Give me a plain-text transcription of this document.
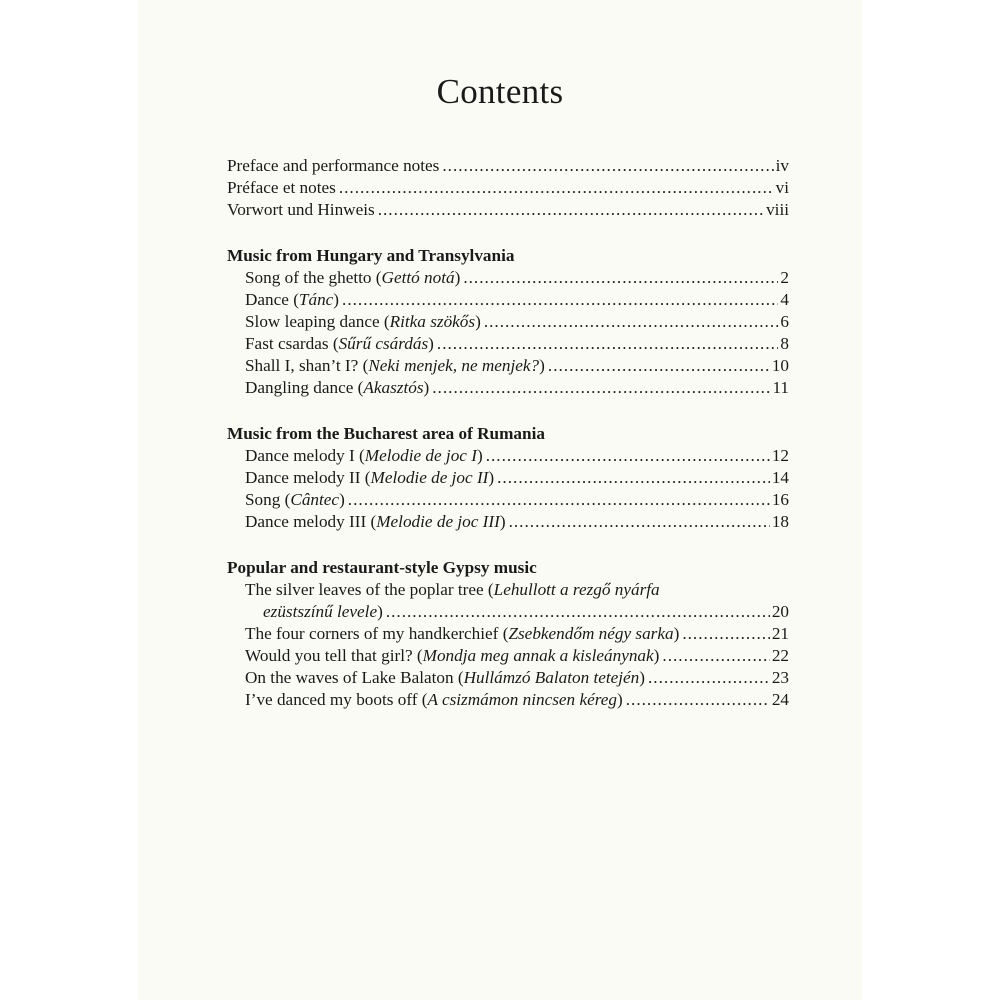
Contents
Preface and performance notes .....	iv
Préface et notes .....	vi
Vorwort und Hinweis .....	viii
Music from Hungary and Transylvania
Song of the ghetto (Gettó notá) .....	2
Dance (Tánc) .....	4
Slow leaping dance (Ritka szökős) .....	6
Fast csardas (Sűrű csárdás) .....	8
Shall I, shan’t I? (Neki menjek, ne menjek?) .....	10
Dangling dance (Akasztós) .....	11
Music from the Bucharest area of Rumania
Dance melody I (Melodie de joc I) .....	12
Dance melody II (Melodie de joc II) .....	14
Song (Cântec) .....	16
Dance melody III (Melodie de joc III) .....	18
Popular and restaurant-style Gypsy music
The silver leaves of the poplar tree (Lehullott a rezgő nyárfa
ezüstszínű levele) .....	20
The four corners of my handkerchief (Zsebkendőm négy sarka) .....	21
Would you tell that girl? (Mondja meg annak a kisleánynak) .....	22
On the waves of Lake Balaton (Hullámzó Balaton tetején) .....	23
I’ve danced my boots off (A csizmámon nincsen kéreg) .....	24
